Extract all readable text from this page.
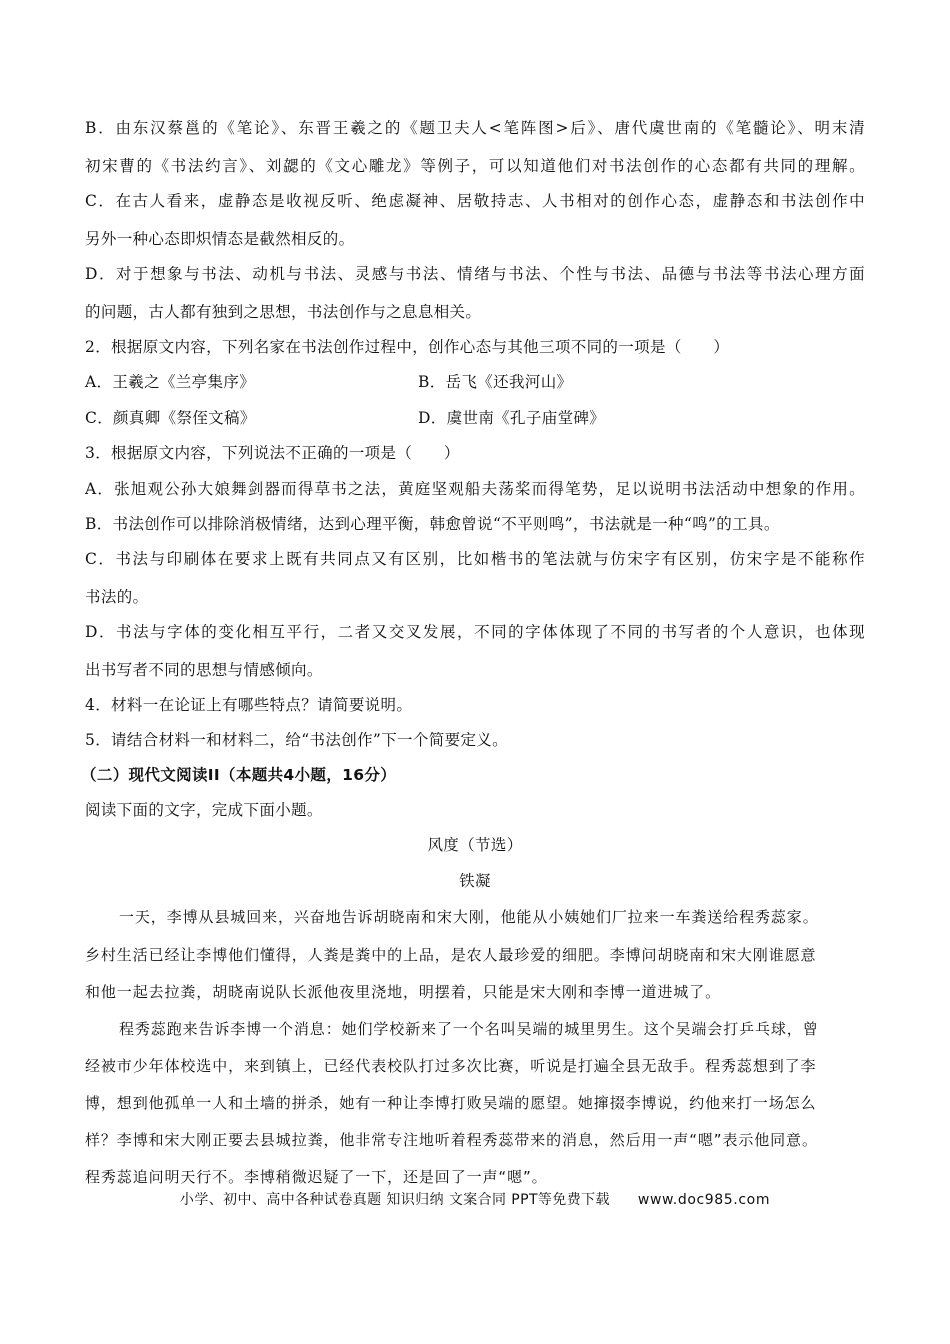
B．由东汉蔡邕的《笔论》、东晋王羲之的《题卫夫人<笔阵图>后》、唐代虞世南的《笔髓论》、明末清
初宋曹的《书法约言》、刘勰的《文心雕龙》等例子，可以知道他们对书法创作的心态都有共同的理解。
C．在古人看来，虚静态是收视反听、绝虑凝神、居敬持志、人书相对的创作心态，虚静态和书法创作中
另外一种心态即炽情态是截然相反的。
D．对于想象与书法、动机与书法、灵感与书法、情绪与书法、个性与书法、品德与书法等书法心理方面
的问题，古人都有独到之思想，书法创作与之息息相关。
2．根据原文内容，下列名家在书法创作过程中，创作心态与其他三项不同的一项是（　　）
A．王羲之《兰亭集序》	B．岳飞《还我河山》
C．颜真卿《祭侄文稿》	D．虞世南《孔子庙堂碑》
3．根据原文内容，下列说法不正确的一项是（　　）
A．张旭观公孙大娘舞剑器而得草书之法，黄庭坚观船夫荡桨而得笔势，足以说明书法活动中想象的作用。
B．书法创作可以排除消极情绪，达到心理平衡，韩愈曾说“不平则鸣”，书法就是一种“鸣”的工具。
C．书法与印刷体在要求上既有共同点又有区别，比如楷书的笔法就与仿宋字有区别，仿宋字是不能称作
书法的。
D．书法与字体的变化相互平行，二者又交叉发展，不同的字体体现了不同的书写者的个人意识，也体现
出书写者不同的思想与情感倾向。
4．材料一在论证上有哪些特点？请简要说明。
5．请结合材料一和材料二，给“书法创作”下一个简要定义。
（二）现代文阅读II（本题共4小题，16分）
阅读下面的文字，完成下面小题。
风度（节选）
铁凝
一天，李博从县城回来，兴奋地告诉胡晓南和宋大刚，他能从小姨她们厂拉来一车粪送给程秀蕊家。
乡村生活已经让李博他们懂得，人粪是粪中的上品，是农人最珍爱的细肥。李博问胡晓南和宋大刚谁愿意
和他一起去拉粪，胡晓南说队长派他夜里浇地，明摆着，只能是宋大刚和李博一道进城了。
程秀蕊跑来告诉李博一个消息：她们学校新来了一个名叫吴端的城里男生。这个吴端会打乒乓球，曾
经被市少年体校选中，来到镇上，已经代表校队打过多次比赛，听说是打遍全县无敌手。程秀蕊想到了李
博，想到他孤单一人和土墙的拼杀，她有一种让李博打败吴端的愿望。她撺掇李博说，约他来打一场怎么
样？李博和宋大刚正要去县城拉粪，他非常专注地听着程秀蕊带来的消息，然后用一声“嗯”表示他同意。
程秀蕊追问明天行不。李博稍微迟疑了一下，还是回了一声“嗯”。
小学、初中、高中各种试卷真题 知识归纳 文案合同 PPT等免费下载 www.doc985.com
